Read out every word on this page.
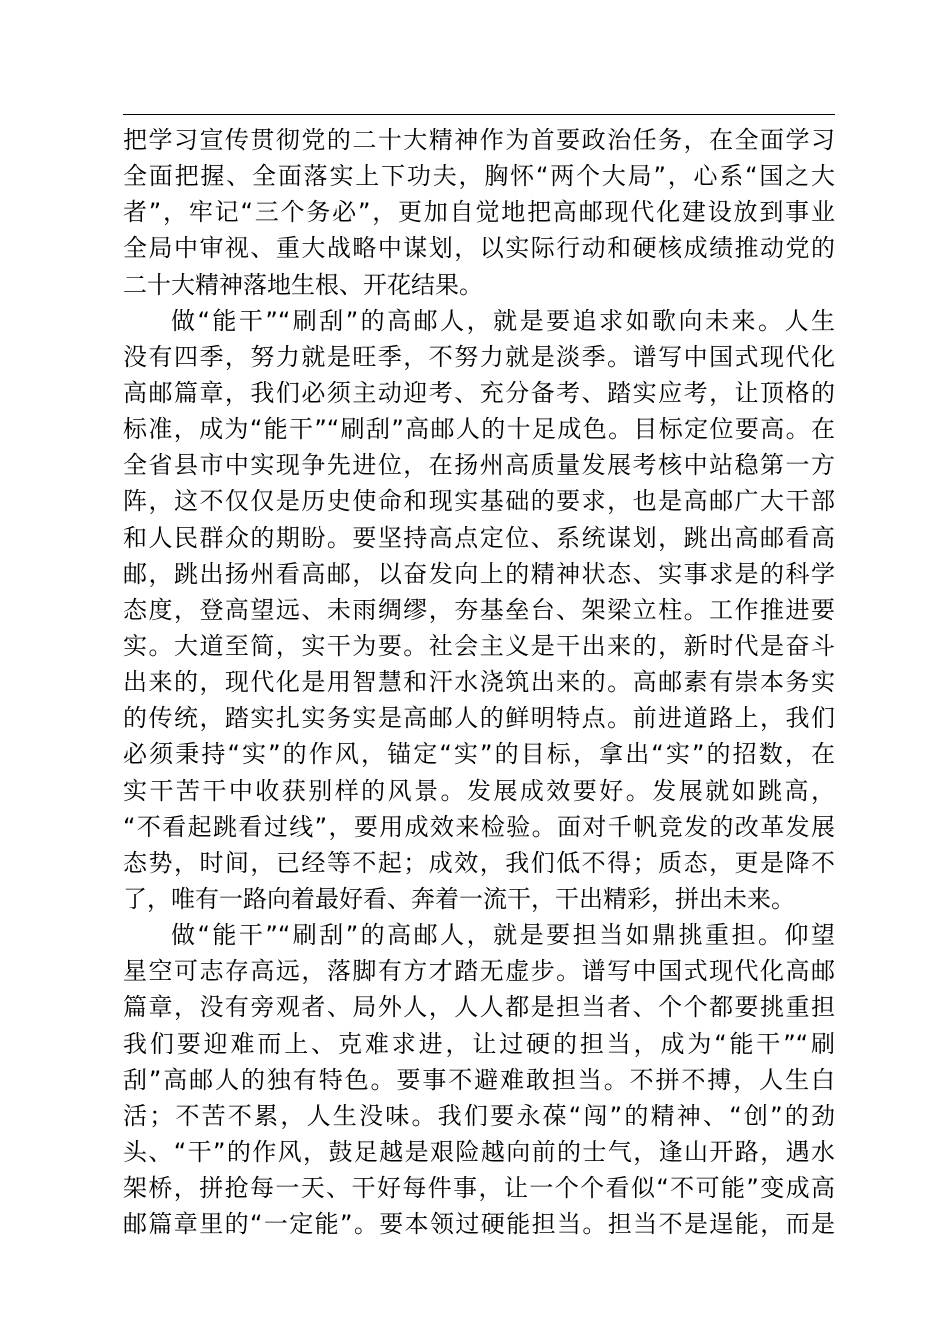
把学习宣传贯彻党的二十大精神作为首要政治任务，在全面学习
全面把握、全面落实上下功夫，胸怀“两个大局”，心系“国之大
者”，牢记“三个务必”，更加自觉地把高邮现代化建设放到事业
全局中审视、重大战略中谋划，以实际行动和硬核成绩推动党的
二十大精神落地生根、开花结果。
做“能干”“刷刮”的高邮人，就是要追求如歌向未来。人生
没有四季，努力就是旺季，不努力就是淡季。谱写中国式现代化
高邮篇章，我们必须主动迎考、充分备考、踏实应考，让顶格的
标准，成为“能干”“刷刮”高邮人的十足成色。目标定位要高。在
全省县市中实现争先进位，在扬州高质量发展考核中站稳第一方
阵，这不仅仅是历史使命和现实基础的要求，也是高邮广大干部
和人民群众的期盼。要坚持高点定位、系统谋划，跳出高邮看高
邮，跳出扬州看高邮，以奋发向上的精神状态、实事求是的科学
态度，登高望远、未雨绸缪，夯基垒台、架梁立柱。工作推进要
实。大道至简，实干为要。社会主义是干出来的，新时代是奋斗
出来的，现代化是用智慧和汗水浇筑出来的。高邮素有崇本务实
的传统，踏实扎实务实是高邮人的鲜明特点。前进道路上，我们
必须秉持“实”的作风，锚定“实”的目标，拿出“实”的招数，在
实干苦干中收获别样的风景。发展成效要好。发展就如跳高，
“不看起跳看过线”，要用成效来检验。面对千帆竞发的改革发展
态势，时间，已经等不起；成效，我们低不得；质态，更是降不
了，唯有一路向着最好看、奔着一流干，干出精彩，拼出未来。
做“能干”“刷刮”的高邮人，就是要担当如鼎挑重担。仰望
星空可志存高远，落脚有方才踏无虚步。谱写中国式现代化高邮
篇章，没有旁观者、局外人，人人都是担当者、个个都要挑重担
我们要迎难而上、克难求进，让过硬的担当，成为“能干”“刷
刮”高邮人的独有特色。要事不避难敢担当。不拼不搏，人生白
活；不苦不累，人生没味。我们要永葆“闯”的精神、“创”的劲
头、“干”的作风，鼓足越是艰险越向前的士气，逢山开路，遇水
架桥，拼抢每一天、干好每件事，让一个个看似“不可能”变成高
邮篇章里的“一定能”。要本领过硬能担当。担当不是逞能，而是
